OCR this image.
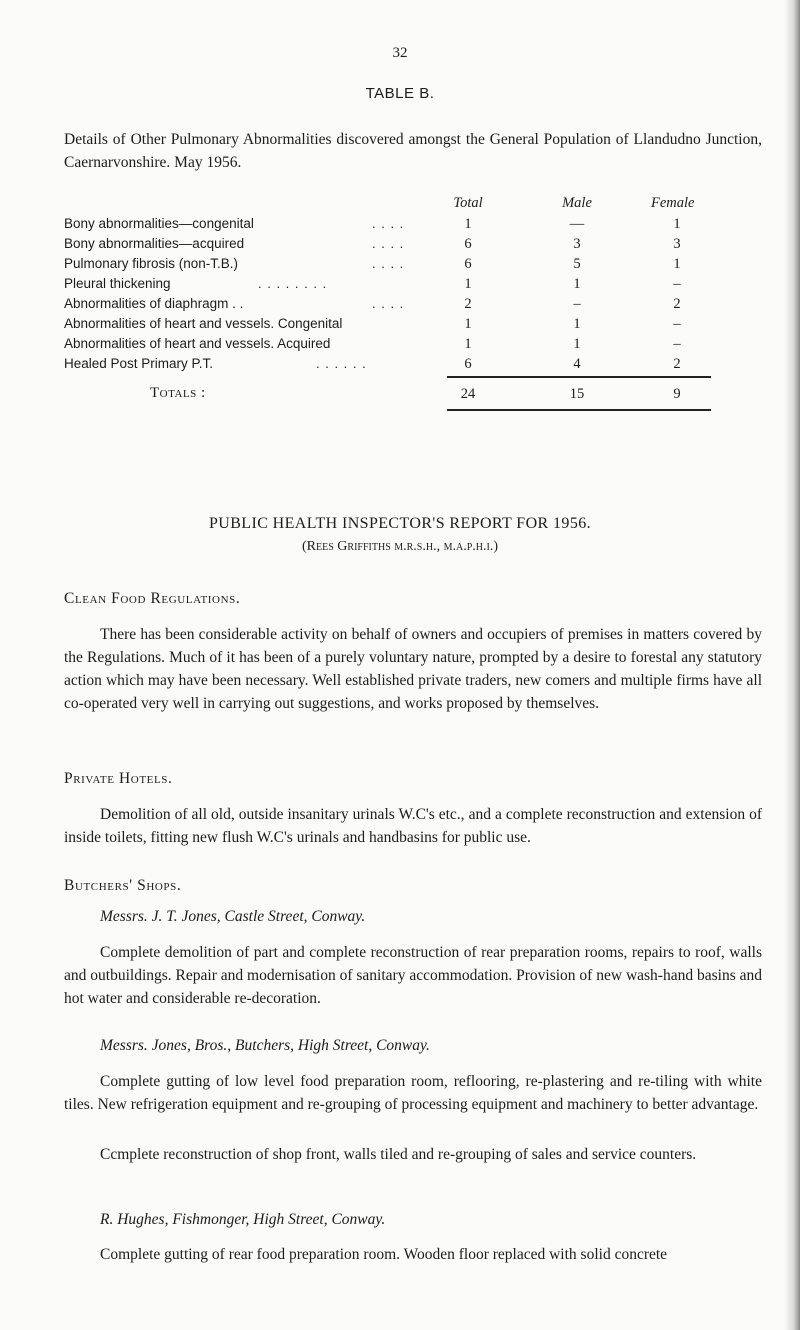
32
TABLE B.
Details of Other Pulmonary Abnormalities discovered amongst the General Population of Llandudno Junction, Caernarvonshire. May 1956.
Total	Male	Female
Bony abnormalities—congenital	. . . .	1	—	1
Bony abnormalities—acquired	. . . .	6	3	3
Pulmonary fibrosis (non-T.B.)	. . . .	6	5	1
Pleural thickening	. . . . . . . .	1	1	–
Abnormalities of diaphragm . .	. . . .	2	–	2
Abnormalities of heart and vessels. Congenital	1	1	–
Abnormalities of heart and vessels. Acquired	1	1	–
Healed Post Primary P.T.	. . . . . .	6	4	2
Totals :	24	15	9
PUBLIC HEALTH INSPECTOR'S REPORT FOR 1956.
(Rees Griffiths m.r.s.h., m.a.p.h.i.)
Clean Food Regulations.
There has been considerable activity on behalf of owners and occupiers of premises in matters covered by the Regulations. Much of it has been of a purely voluntary nature, prompted by a desire to forestal any statutory action which may have been necessary. Well established private traders, new comers and multiple firms have all co-operated very well in carrying out suggestions, and works proposed by themselves.
Private Hotels.
Demolition of all old, outside insanitary urinals W.C's etc., and a complete reconstruction and extension of inside toilets, fitting new flush W.C's urinals and handbasins for public use.
Butchers' Shops.
Messrs. J. T. Jones, Castle Street, Conway.
Complete demolition of part and complete reconstruction of rear preparation rooms, repairs to roof, walls and outbuildings. Repair and modernisation of sanitary accommodation. Provision of new wash-hand basins and hot water and considerable re-decoration.
Messrs. Jones, Bros., Butchers, High Street, Conway.
Complete gutting of low level food preparation room, reflooring, re-plastering and re-tiling with white tiles. New refrigeration equipment and re-grouping of processing equipment and machinery to better advantage.
Ccmplete reconstruction of shop front, walls tiled and re-grouping of sales and service counters.
R. Hughes, Fishmonger, High Street, Conway.
Complete gutting of rear food preparation room. Wooden floor replaced with solid concrete
